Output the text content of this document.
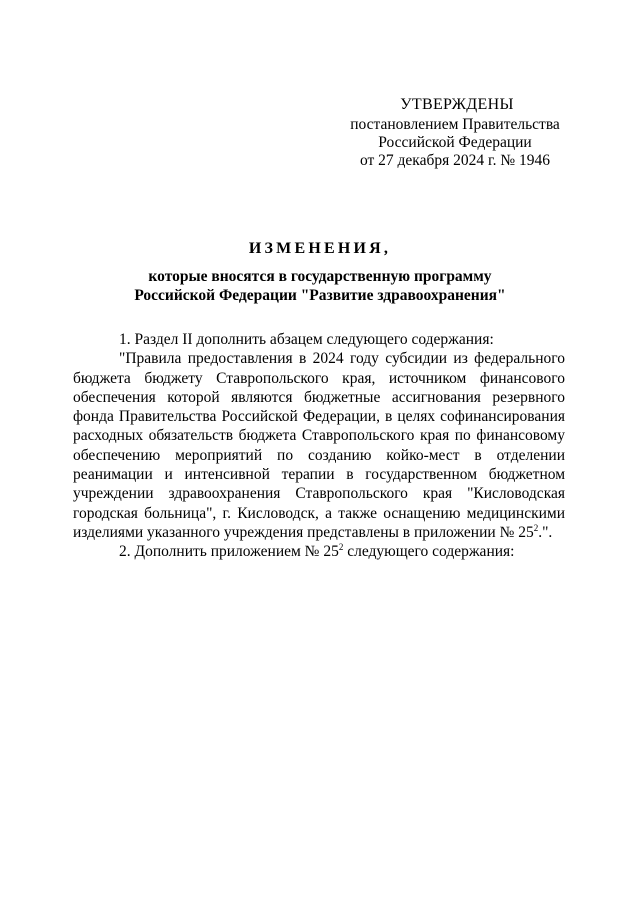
УТВЕРЖДЕНЫ
постановлением Правительства
Российской Федерации
от 27 декабря 2024 г. № 1946
ИЗМЕНЕНИЯ,
которые вносятся в государственную программу
Российской Федерации "Развитие здравоохранения"

1. Раздел II дополнить абзацем следующего содержания:

"Правила предоставления в 2024 году субсидии из федерального бюджета бюджету Ставропольского края, источником финансового обеспечения которой являются бюджетные ассигнования резервного фонда Правительства Российской Федерации, в целях софинансирования расходных обязательств бюджета Ставропольского края по финансовому обеспечению мероприятий по созданию койко-мест в отделении реанимации и интенсивной терапии в государственном бюджетном учреждении здравоохранения Ставропольского края "Кисловодская городская больница", г. Кисловодск, а также оснащению медицинскими изделиями указанного учреждения представлены в приложении № $25^2$.".

2. Дополнить приложением № $25^2$ следующего содержания:
